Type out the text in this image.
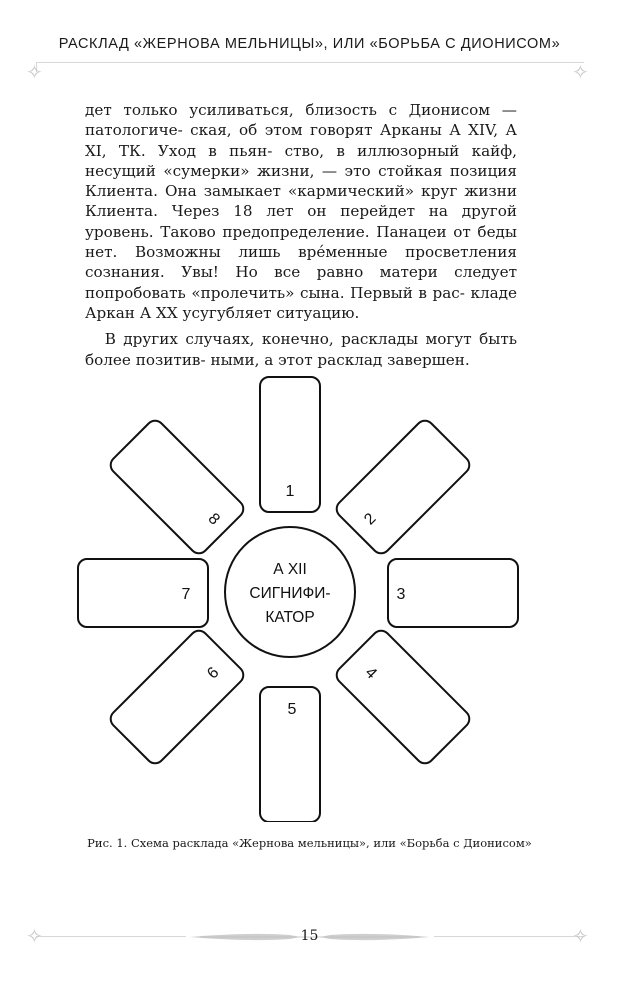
РАСКЛАД «ЖЕРНОВА МЕЛЬНИЦЫ», ИЛИ «БОРЬБА С ДИОНИСОМ»
✧	✧

дет только усиливаться, близость с Дионисом — патологиче- ская, об этом говорят Арканы А XIV, А XI, ТК. Уход в пьян- ство, в иллюзорный кайф, несущий «сумерки» жизни, — это стойкая позиция Клиента. Она замыкает «кармический» круг жизни Клиента. Через 18 лет он перейдет на другой уровень. Таково предопределение. Панацеи от беды нет. Возможны лишь вре́менные просветления сознания. Увы! Но все равно матери следует попробовать «пролечить» сына. Первый в рас- кладе Аркан А XX усугубляет ситуацию.

В других случаях, конечно, расклады могут быть более позитив- ными, а этот расклад завершен.

1
2
3
4
5
6
7
8
А XII
СИГНИФИ-
КАТОР
Рис. 1. Схема расклада «Жернова мельницы», или «Борьба с Дионисом»
15
✧	✧
